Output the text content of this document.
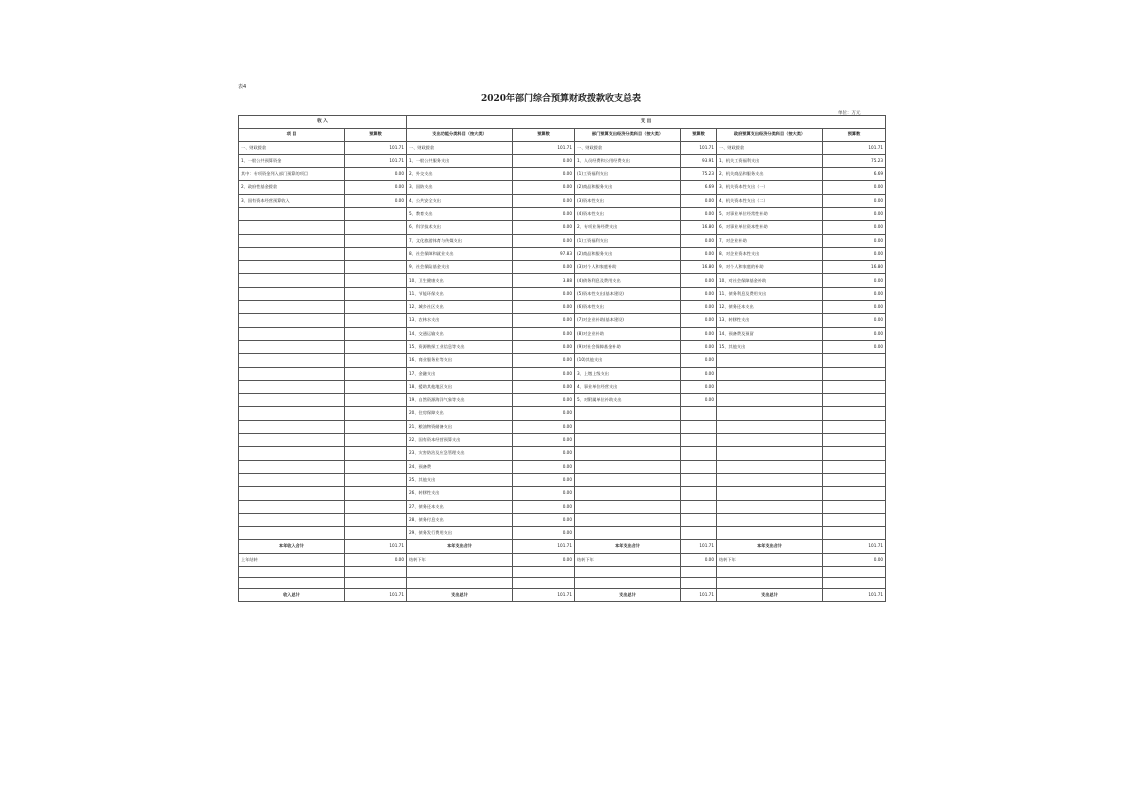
表4
2020年部门综合预算财政拨款收支总表
单位：万元
收 入		支 出					
项 目	预算数	支出功能分类科目（按大类）	预算数	部门预算支出经济分类科目（按大类）	预算数	政府预算支出经济分类科目（按大类）	预算数
一、财政拨款	101.71	一、财政拨款	101.71	一、财政拨款	101.71	一、财政拨款	101.71
1、一般公共预算资金	101.71	1、一般公共服务支出	0.00	1、人员经费和公用经费支出	93.91	1、机关工资福利支出	75.23
其中：专项资金列入部门预算的项目	0.00	2、外交支出	0.00	(1)工资福利支出	75.23	2、机关商品和服务支出	6.69
2、政府性基金拨款	0.00	3、国防支出	0.00	(2)商品和服务支出	6.69	3、机关资本性支出（一）	0.00
3、国有资本经营预算收入	0.00	4、公共安全支出	0.00	(3)资本性支出	0.00	4、机关资本性支出（二）	0.00
		5、教育支出	0.00	(4)资本性支出	0.00	5、对事业单位经常性补助	0.00
		6、科学技术支出	0.00	2、专项业务经费支出	16.80	6、对事业单位资本性补助	0.00
		7、文化旅游体育与传媒支出	0.00	(1)工资福利支出	0.00	7、对企业补助	0.00
		8、社会保障和就业支出	97.83	(2)商品和服务支出	0.00	8、对企业资本性支出	0.00
		9、社会保险基金支出	0.00	(3)对个人和家庭补助	16.80	9、对个人和家庭的补助	16.80
		10、卫生健康支出	3.88	(4)债务利息及费用支出	0.00	10、对社会保障基金补助	0.00
		11、节能环保支出	0.00	(5)资本性支出(基本建设)	0.00	11、债务利息及费用支出	0.00
		12、城乡社区支出	0.00	(6)资本性支出	0.00	12、债务还本支出	0.00
		13、农林水支出	0.00	(7)对企业补助(基本建设)	0.00	13、转移性支出	0.00
		14、交通运输支出	0.00	(8)对企业补助	0.00	14、预备费及预留	0.00
		15、资源勘探工业信息等支出	0.00	(9)对社会保障基金补助	0.00	15、其他支出	0.00
		16、商业服务业等支出	0.00	(10)其他支出	0.00		
		17、金融支出	0.00	3、上缴上级支出	0.00		
		18、援助其他地区支出	0.00	4、事业单位经营支出	0.00		
		19、自然资源海洋气象等支出	0.00	5、对附属单位补助支出	0.00		
		20、住房保障支出	0.00				
		21、粮油物资储备支出	0.00				
		22、国有资本经营预算支出	0.00				
		23、灾害防治及应急管理支出	0.00				
		24、预备费	0.00				
		25、其他支出	0.00				
		26、转移性支出	0.00				
		27、债务还本支出	0.00				
		28、债务付息支出	0.00				
		29、债务发行费用支出	0.00				
本年收入合计	101.71	本年支出合计	101.71	本年支出合计	101.71	本年支出合计	101.71
上年结转	0.00	结转下年	0.00	结转下年	0.00	结转下年	0.00

收入总计	101.71	支出总计	101.71	支出总计	101.71	支出总计	101.71
